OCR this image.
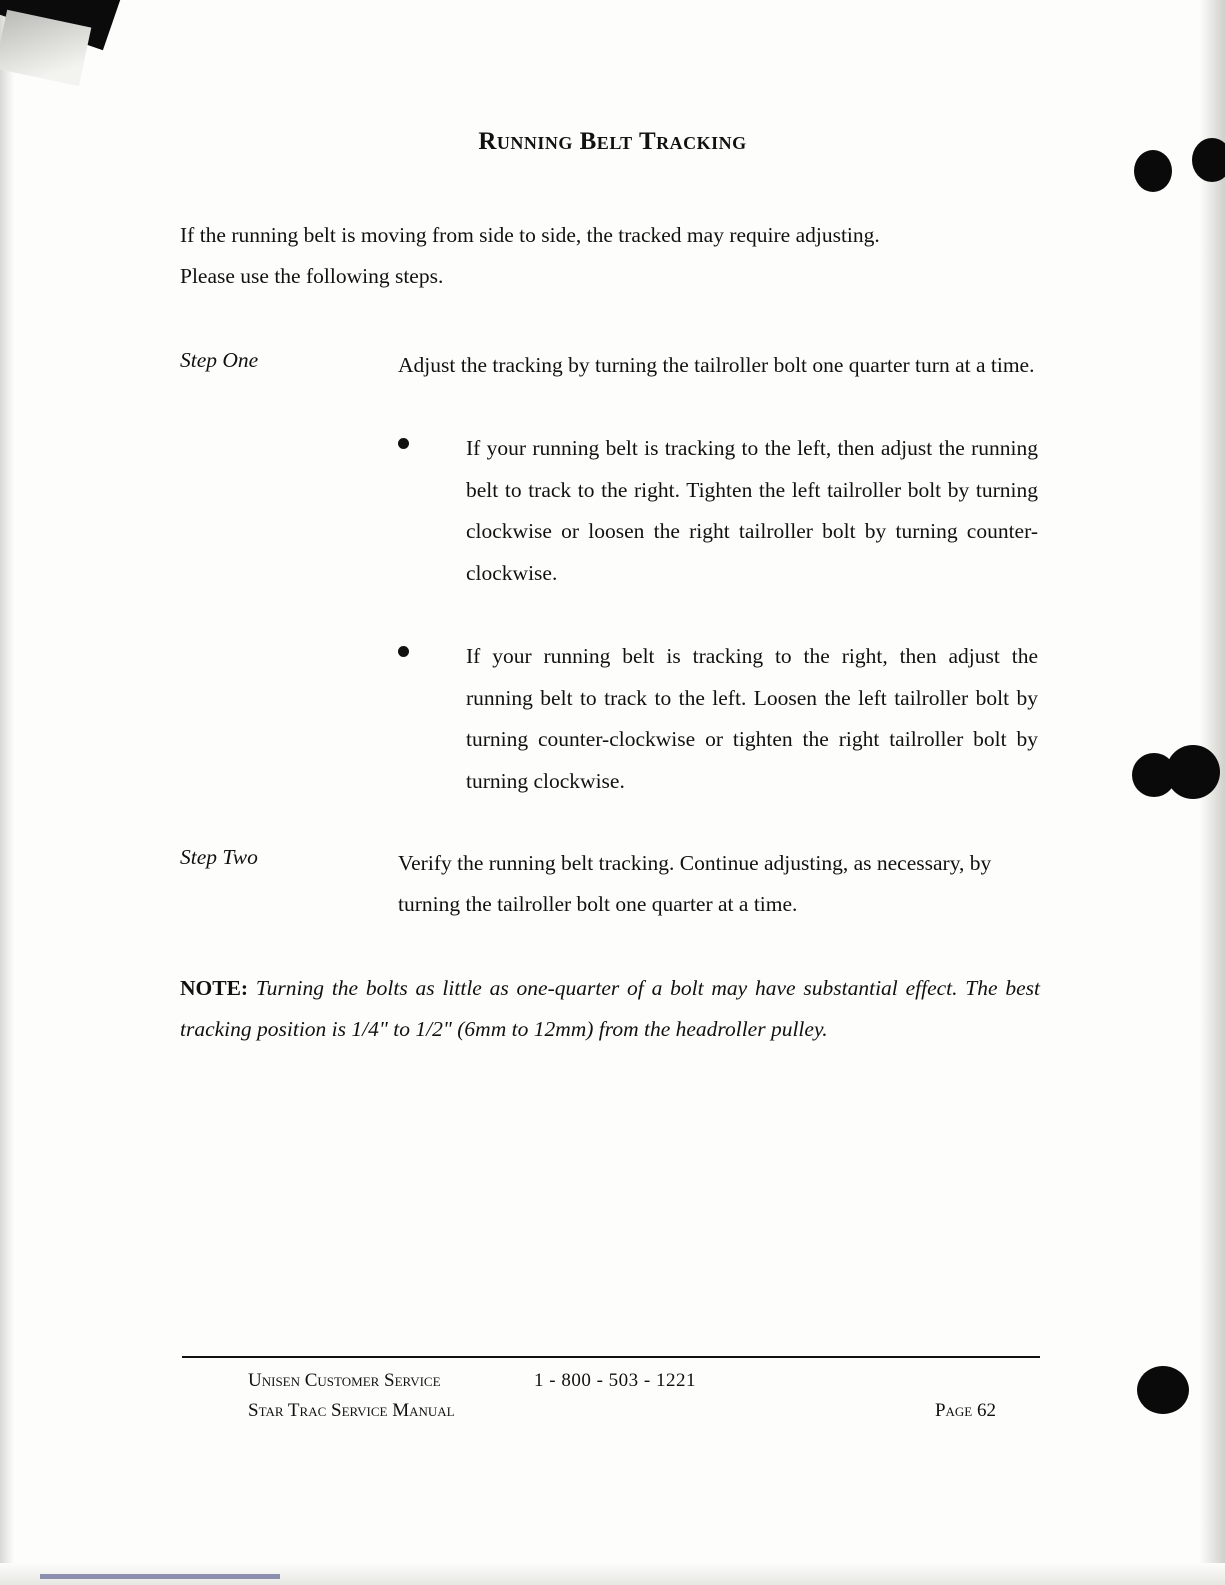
Running Belt Tracking
If the running belt is moving from side to side, the tracked may require adjusting.
Please use the following steps.
Step One	Adjust the tracking by turning the tailroller bolt one quarter turn at a time.
If your running belt is tracking to the left, then adjust the running belt to track to the right. Tighten the left tailroller bolt by turning clockwise or loosen the right tailroller bolt by turning counter-clockwise.
If your running belt is tracking to the right, then adjust the running belt to track to the left. Loosen the left tailroller bolt by turning counter-clockwise or tighten the right tailroller bolt by turning clockwise.
Step Two	Verify the running belt tracking. Continue adjusting, as necessary, by turning the tailroller bolt one quarter at a time.
NOTE: Turning the bolts as little as one-quarter of a bolt may have substantial effect. The best tracking position is 1/4" to 1/2" (6mm to 12mm) from the headroller pulley.
Unisen Customer Service	1 - 800 - 503 - 1221
Star Trac Service Manual	Page 62
